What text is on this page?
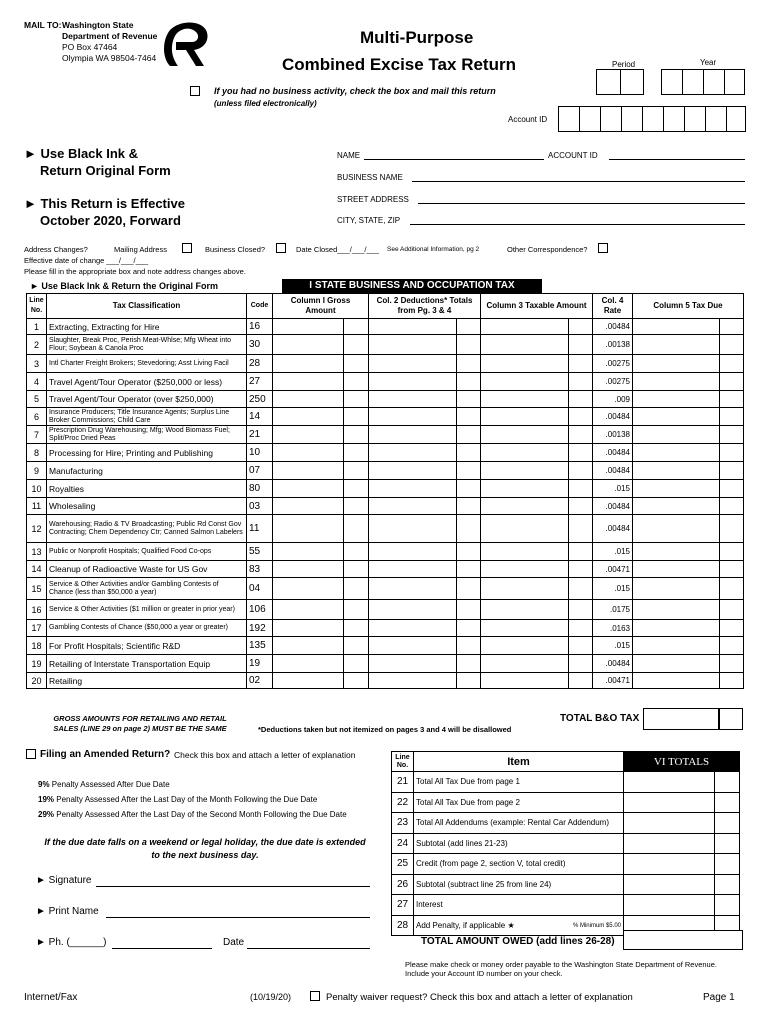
MAIL TO: Washington State
Department of Revenue
PO Box 47464
Olympia WA 98504-7464
Multi-Purpose
Combined Excise Tax Return	Period	Year
If you had no business activity, check the box and mail this return
(unless filed electronically)
Account ID
► Use Black Ink &
Return Original Form
► This Return is Effective
October 2020, Forward
NAME	ACCOUNT ID
BUSINESS NAME
STREET ADDRESS
CITY, STATE, ZIP
Address Changes?	Mailing Address	Business Closed?	Date Closed___/___/___ See Additional Information, pg 2	Other Correspondence?
Effective date of change ___/___/___
Please fill in the appropriate box and note address changes above.
► Use Black Ink & Return the Original Form	I STATE BUSINESS AND OCCUPATION TAX
Line No.	Tax Classification	Code	Column I Gross Amount	Col. 2 Deductions* Totals from Pg. 3 & 4	Column 3 Taxable Amount	Col. 4 Rate	Column 5 Tax Due
1	Extracting, Extracting for Hire	16				.00484	

2	Slaughter, Break Proc, Perish Meat-Whlse; Mfg Wheat into Flour; Soybean & Canola Proc	30				.00138	

3	Intl Charter Freight Brokers; Stevedoring; Asst Living Facil	28				.00275	

4	Travel Agent/Tour Operator ($250,000 or less)	27				.00275	

5	Travel Agent/Tour Operator (over $250,000)	250				.009	

6	Insurance Producers; Title Insurance Agents; Surplus Line Broker Commissions; Child Care	14				.00484	

7	Prescription Drug Warehousing; Mfg; Wood Biomass Fuel; Split/Proc Dried Peas	21				.00138	

8	Processing for Hire; Printing and Publishing	10				.00484	

9	Manufacturing	07				.00484	

10	Royalties	80				.015	

11	Wholesaling	03				.00484	

12	Warehousing; Radio & TV Broadcasting; Public Rd Const Gov Contracting; Chem Dependency Ctr; Canned Salmon Labelers	11				.00484	

13	Public or Nonprofit Hospitals; Qualified Food Co-ops	55				.015	

14	Cleanup of Radioactive Waste for US Gov	83				.00471	

15	Service & Other Activities and/or Gambling Contests of Chance (less than $50,000 a year)	04				.015	

16	Service & Other Activities ($1 million or greater in prior year)	106				.0175	

17	Gambling Contests of Chance ($50,000 a year or greater)	192				.0163	

18	For Profit Hospitals; Scientific R&D	135				.015	

19	Retailing of Interstate Transportation Equip	19				.00484	

20	Retailing	02				.00471	
GROSS AMOUNTS FOR RETAILING AND RETAIL SALES (LINE 29 on page 2) MUST BE THE SAME	*Deductions taken but not itemized on pages 3 and 4 will be disallowed
TOTAL B&O TAX
Filing an Amended Return? Check this box and attach a letter of explanation
9% Penalty Assessed After Due Date
19% Penalty Assessed After the Last Day of the Month Following the Due Date
29% Penalty Assessed After the Last Day of the Second Month Following the Due Date
If the due date falls on a weekend or legal holiday, the due date is extended to the next business day.
► Signature
► Print Name
► Ph. (______)	Date
Line No.	Item	VI TOTALS
21	Total All Tax Due from page 1	

22	Total All Tax Due from page 2	

23	Total All Addendums (example: Rental Car Addendum)	

24	Subtotal (add lines 21-23)	

25	Credit (from page 2, section V, total credit)	

26	Subtotal (subtract line 25 from line 24)	

27	Interest	

28	Add Penalty, if applicable ★ % Minimum $5.00	

TOTAL AMOUNT OWED (add lines 26-28)
Please make check or money order payable to the Washington State Department of Revenue. Include your Account ID number on your check.
Internet/Fax	(10/19/20)	Penalty waiver request? Check this box and attach a letter of explanation	Page 1
